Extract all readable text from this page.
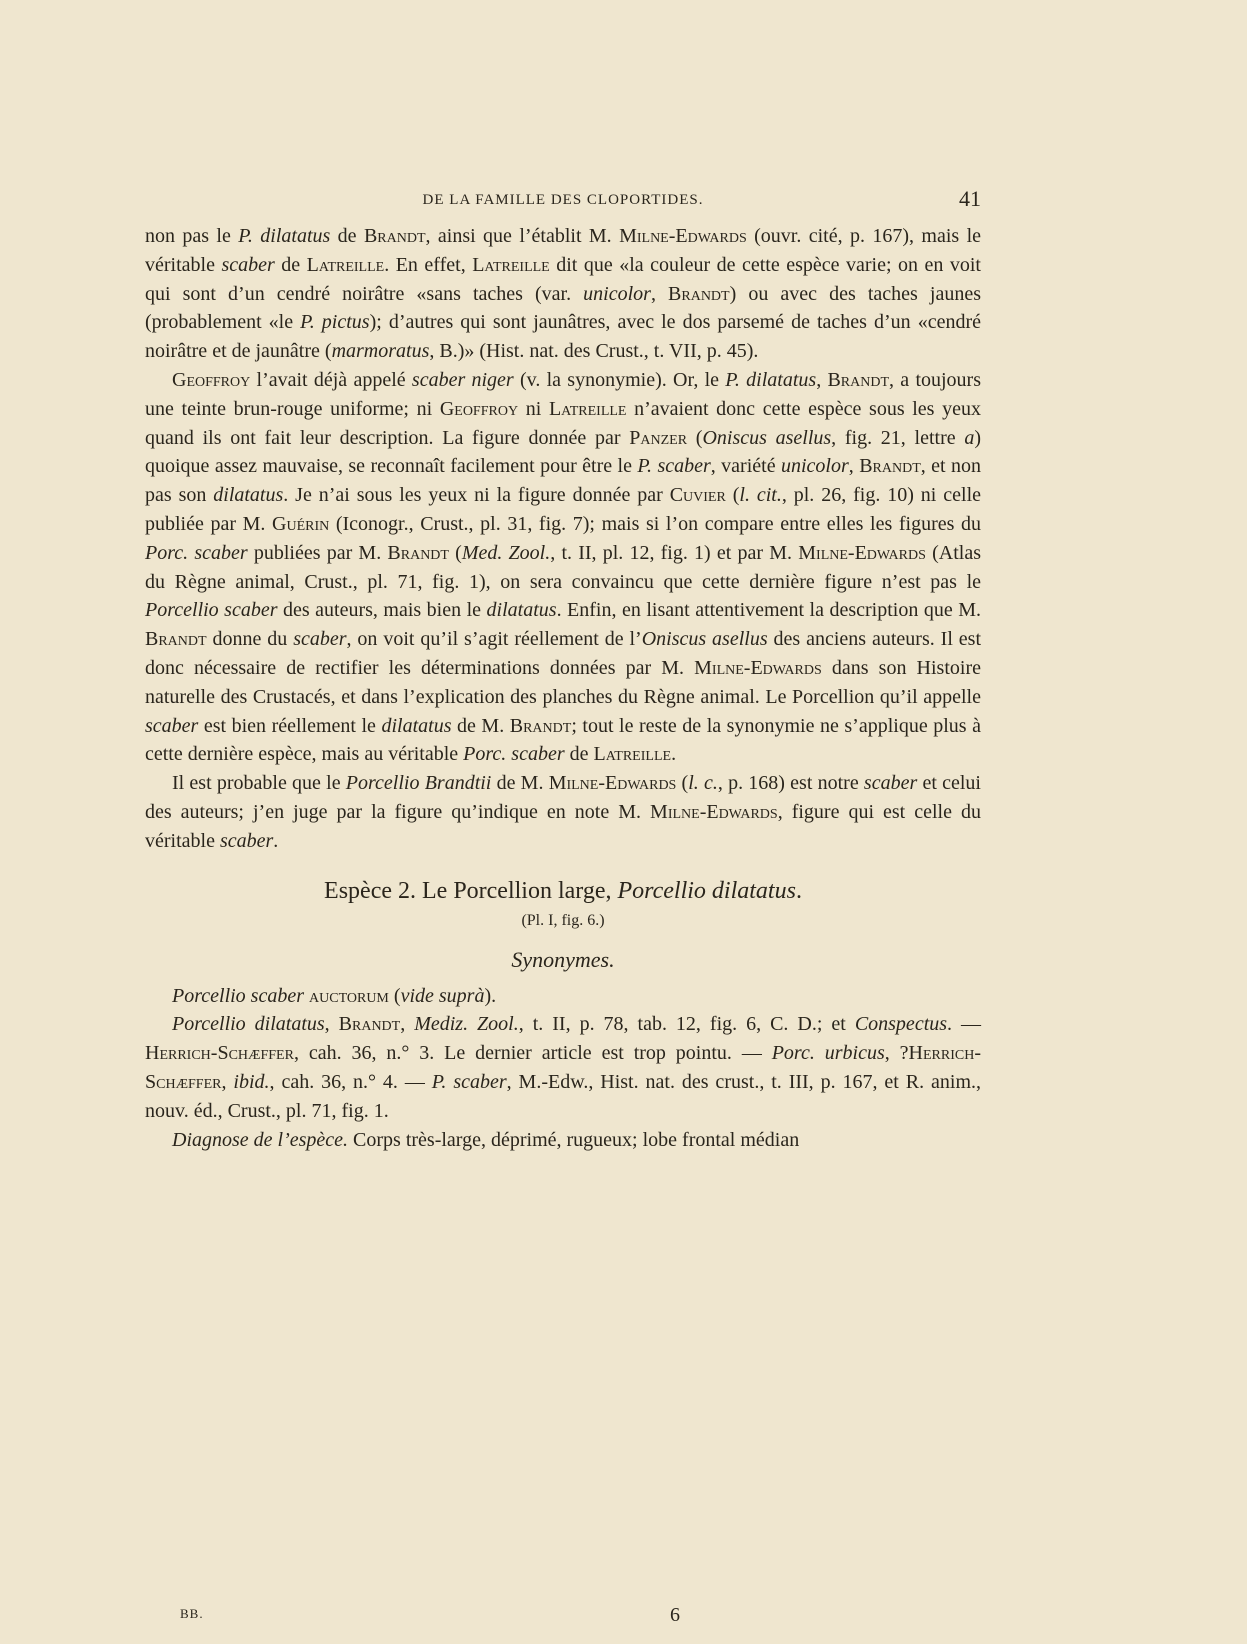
DE LA FAMILLE DES CLOPORTIDES.	41

non pas le P. dilatatus de Brandt, ainsi que l’établit M. Milne-Edwards (ouvr. cité, p. 167), mais le véritable scaber de Latreille. En effet, Latreille dit que «la couleur de cette espèce varie; on en voit qui sont d’un cendré noirâtre «sans taches (var. unicolor, Brandt) ou avec des taches jaunes (probablement «le P. pictus); d’autres qui sont jaunâtres, avec le dos parsemé de taches d’un «cendré noirâtre et de jaunâtre (marmoratus, B.)» (Hist. nat. des Crust., t. VII, p. 45).

Geoffroy l’avait déjà appelé scaber niger (v. la synonymie). Or, le P. dilatatus, Brandt, a toujours une teinte brun-rouge uniforme; ni Geoffroy ni Latreille n’avaient donc cette espèce sous les yeux quand ils ont fait leur description. La figure donnée par Panzer (Oniscus asellus, fig. 21, lettre a) quoique assez mauvaise, se reconnaît facilement pour être le P. scaber, variété unicolor, Brandt, et non pas son dilatatus. Je n’ai sous les yeux ni la figure donnée par Cuvier (l. cit., pl. 26, fig. 10) ni celle publiée par M. Guérin (Iconogr., Crust., pl. 31, fig. 7); mais si l’on compare entre elles les figures du Porc. scaber publiées par M. Brandt (Med. Zool., t. II, pl. 12, fig. 1) et par M. Milne-Edwards (Atlas du Règne animal, Crust., pl. 71, fig. 1), on sera convaincu que cette dernière figure n’est pas le Porcellio scaber des auteurs, mais bien le dilatatus. Enfin, en lisant attentivement la description que M. Brandt donne du scaber, on voit qu’il s’agit réellement de l’Oniscus asellus des anciens auteurs. Il est donc nécessaire de rectifier les déterminations données par M. Milne-Edwards dans son Histoire naturelle des Crustacés, et dans l’explication des planches du Règne animal. Le Porcellion qu’il appelle scaber est bien réellement le dilatatus de M. Brandt; tout le reste de la synonymie ne s’applique plus à cette dernière espèce, mais au véritable Porc. scaber de Latreille.

Il est probable que le Porcellio Brandtii de M. Milne-Edwards (l. c., p. 168) est notre scaber et celui des auteurs; j’en juge par la figure qu’indique en note M. Milne-Edwards, figure qui est celle du véritable scaber.

Espèce 2. Le Porcellion large, Porcellio dilatatus.
(Pl. I, fig. 6.)
Synonymes.

Porcellio scaber auctorum (vide suprà).

Porcellio dilatatus, Brandt, Mediz. Zool., t. II, p. 78, tab. 12, fig. 6, C. D.; et Conspectus. — Herrich-Schæffer, cah. 36, n.° 3. Le dernier article est trop pointu. — Porc. urbicus, ?Herrich-Schæffer, ibid., cah. 36, n.° 4. — P. scaber, M.-Edw., Hist. nat. des crust., t. III, p. 167, et R. anim., nouv. éd., Crust., pl. 71, fig. 1.

Diagnose de l’espèce. Corps très-large, déprimé, rugueux; lobe frontal médian

BB.	6
